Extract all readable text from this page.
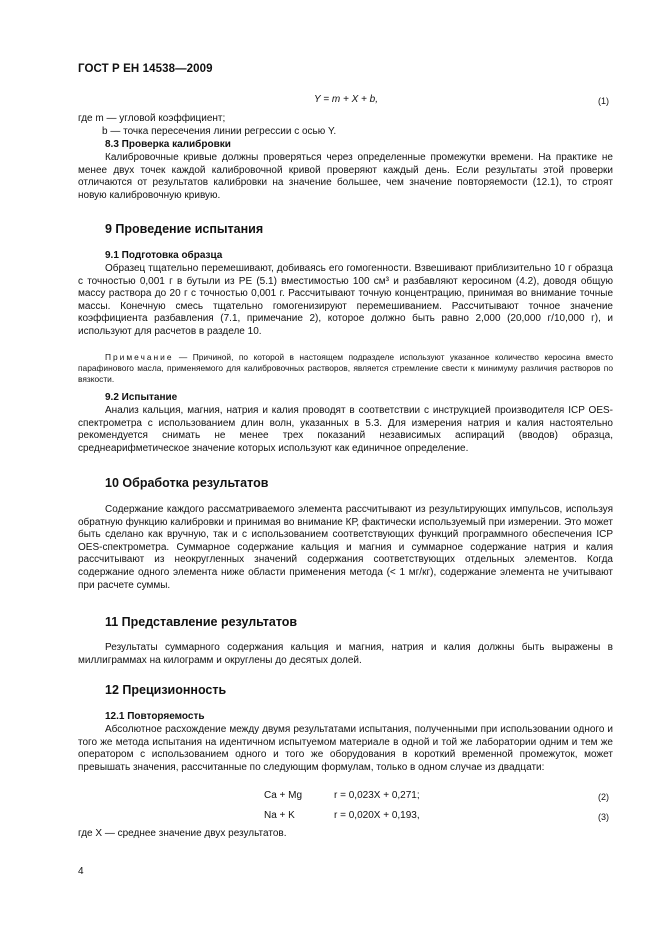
ГОСТ Р ЕН 14538—2009
Y = m + X + b,	(1)
где m — угловой коэффициент;
b — точка пересечения линии регрессии с осью Y.
8.3 Проверка калибровки
Калибровочные кривые должны проверяться через определенные промежутки времени. На практике не менее двух точек каждой калибровочной кривой проверяют каждый день. Если результаты этой проверки отличаются от результатов калибровки на значение большее, чем значение повторяемости (12.1), то строят новую калибровочную кривую.
9 Проведение испытания
9.1 Подготовка образца
Образец тщательно перемешивают, добиваясь его гомогенности. Взвешивают приблизительно 10 г образца с точностью 0,001 г в бутыли из PE (5.1) вместимостью 100 см³ и разбавляют керосином (4.2), доводя общую массу раствора до 20 г с точностью 0,001 г. Рассчитывают точную концентрацию, принимая во внимание точные массы. Конечную смесь тщательно гомогенизируют перемешиванием. Рассчитывают точное значение коэффициента разбавления (7.1, примечание 2), которое должно быть равно 2,000 (20,000 г/10,000 г), и используют для расчетов в разделе 10.
Примечание — Причиной, по которой в настоящем подразделе используют указанное количество керосина вместо парафинового масла, применяемого для калибровочных растворов, является стремление свести к минимуму различия растворов по вязкости.
9.2 Испытание
Анализ кальция, магния, натрия и калия проводят в соответствии с инструкцией производителя ICP OES-спектрометра с использованием длин волн, указанных в 5.3. Для измерения натрия и калия настоятельно рекомендуется снимать не менее трех показаний независимых аспираций (вводов) образца, среднеарифметическое значение которых используют как единичное определение.
10 Обработка результатов
Содержание каждого рассматриваемого элемента рассчитывают из результирующих импульсов, используя обратную функцию калибровки и принимая во внимание КР, фактически используемый при измерении. Это может быть сделано как вручную, так и с использованием соответствующих функций программного обеспечения ICP OES-спектрометра. Суммарное содержание кальция и магния и суммарное содержание натрия и калия рассчитывают из неокругленных значений содержания соответствующих отдельных элементов. Когда содержание одного элемента ниже области применения метода (< 1 мг/кг), содержание элемента не учитывают при расчете суммы.
11 Представление результатов
Результаты суммарного содержания кальция и магния, натрия и калия должны быть выражены в миллиграммах на килограмм и округлены до десятых долей.
12 Прецизионность
12.1 Повторяемость
Абсолютное расхождение между двумя результатами испытания, полученными при использовании одного и того же метода испытания на идентичном испытуемом материале в одной и той же лаборатории одним и тем же оператором с использованием одного и того же оборудования в короткий временной промежуток, может превышать значения, рассчитанные по следующим формулам, только в одном случае из двадцати:
Ca + Mg	r = 0,023X + 0,271;	(2)
Na + K	r = 0,020X + 0,193,	(3)
где X — среднее значение двух результатов.
4
